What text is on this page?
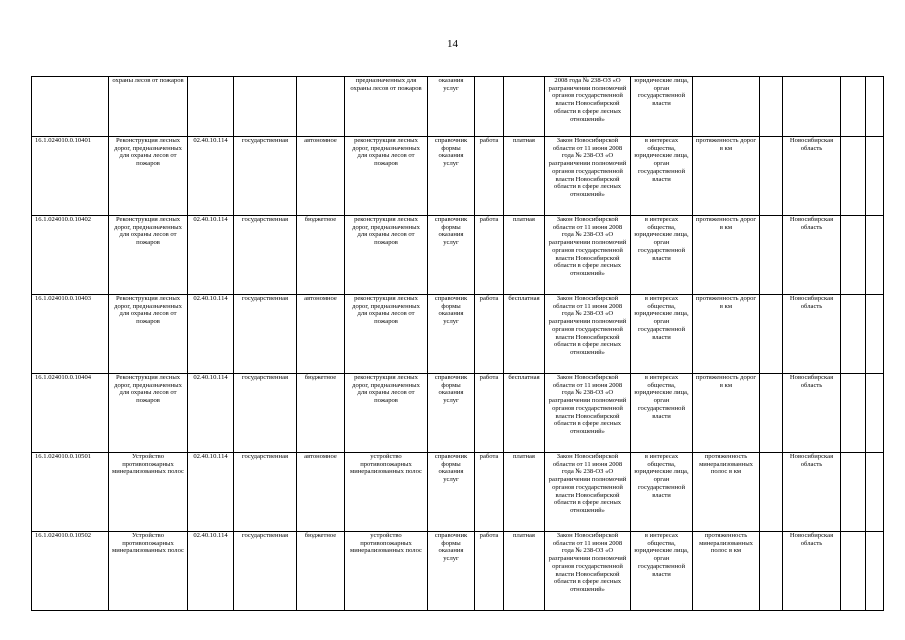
14
	охраны лесов от пожаров				предназначенных для охраны лесов от пожаров	оказания услуг			2008 года № 238-ОЗ «О разграничении полномочий органов государственной власти Новосибирской области в сфере лесных отношений»	юридические лица, орган государственной власти					
16.1.024010.0.10401	Реконструкция лесных дорог, предназначенных для охраны лесов от пожаров	02.40.10.114	государственная	автономное	реконструкция лесных дорог, предназначенных для охраны лесов от пожаров	справочник формы оказания услуг	работа	платная	Закон Новосибирской области от 11 июня 2008 года № 238-ОЗ «О разграничении полномочий органов государственной власти Новосибирской области в сфере лесных отношений»	в интересах общества, юридические лица, орган государственной власти	протяженность дорог в км		Новосибирская область		
16.1.024010.0.10402	Реконструкция лесных дорог, предназначенных для охраны лесов от пожаров	02.40.10.114	государственная	бюджетное	реконструкция лесных дорог, предназначенных для охраны лесов от пожаров	справочник формы оказания услуг	работа	платная	Закон Новосибирской области от 11 июня 2008 года № 238-ОЗ «О разграничении полномочий органов государственной власти Новосибирской области в сфере лесных отношений»	в интересах общества, юридические лица, орган государственной власти	протяженность дорог в км		Новосибирская область		
16.1.024010.0.10403	Реконструкция лесных дорог, предназначенных для охраны лесов от пожаров	02.40.10.114	государственная	автономное	реконструкция лесных дорог, предназначенных для охраны лесов от пожаров	справочник формы оказания услуг	работа	бесплатная	Закон Новосибирской области от 11 июня 2008 года № 238-ОЗ «О разграничении полномочий органов государственной власти Новосибирской области в сфере лесных отношений»	в интересах общества, юридические лица, орган государственной власти	протяженность дорог в км		Новосибирская область		
16.1.024010.0.10404	Реконструкция лесных дорог, предназначенных для охраны лесов от пожаров	02.40.10.114	государственная	бюджетное	реконструкция лесных дорог, предназначенных для охраны лесов от пожаров	справочник формы оказания услуг	работа	бесплатная	Закон Новосибирской области от 11 июня 2008 года № 238-ОЗ «О разграничении полномочий органов государственной власти Новосибирской области в сфере лесных отношений»	в интересах общества, юридические лица, орган государственной власти	протяженность дорог в км		Новосибирская область		
16.1.024010.0.10501	Устройство противопожарных минерализованных полос	02.40.10.114	государственная	автономное	устройство противопожарных минерализованных полос	справочник формы оказания услуг	работа	платная	Закон Новосибирской области от 11 июня 2008 года № 238-ОЗ «О разграничении полномочий органов государственной власти Новосибирской области в сфере лесных отношений»	в интересах общества, юридические лица, орган государственной власти	протяженность минерализованных полос в км		Новосибирская область		
16.1.024010.0.10502	Устройство противопожарных минерализованных полос	02.40.10.114	государственная	бюджетное	устройство противопожарных минерализованных полос	справочник формы оказания услуг	работа	платная	Закон Новосибирской области от 11 июня 2008 года № 238-ОЗ «О разграничении полномочий органов государственной власти Новосибирской области в сфере лесных отношений»	в интересах общества, юридические лица, орган государственной власти	протяженность минерализованных полос в км		Новосибирская область		
